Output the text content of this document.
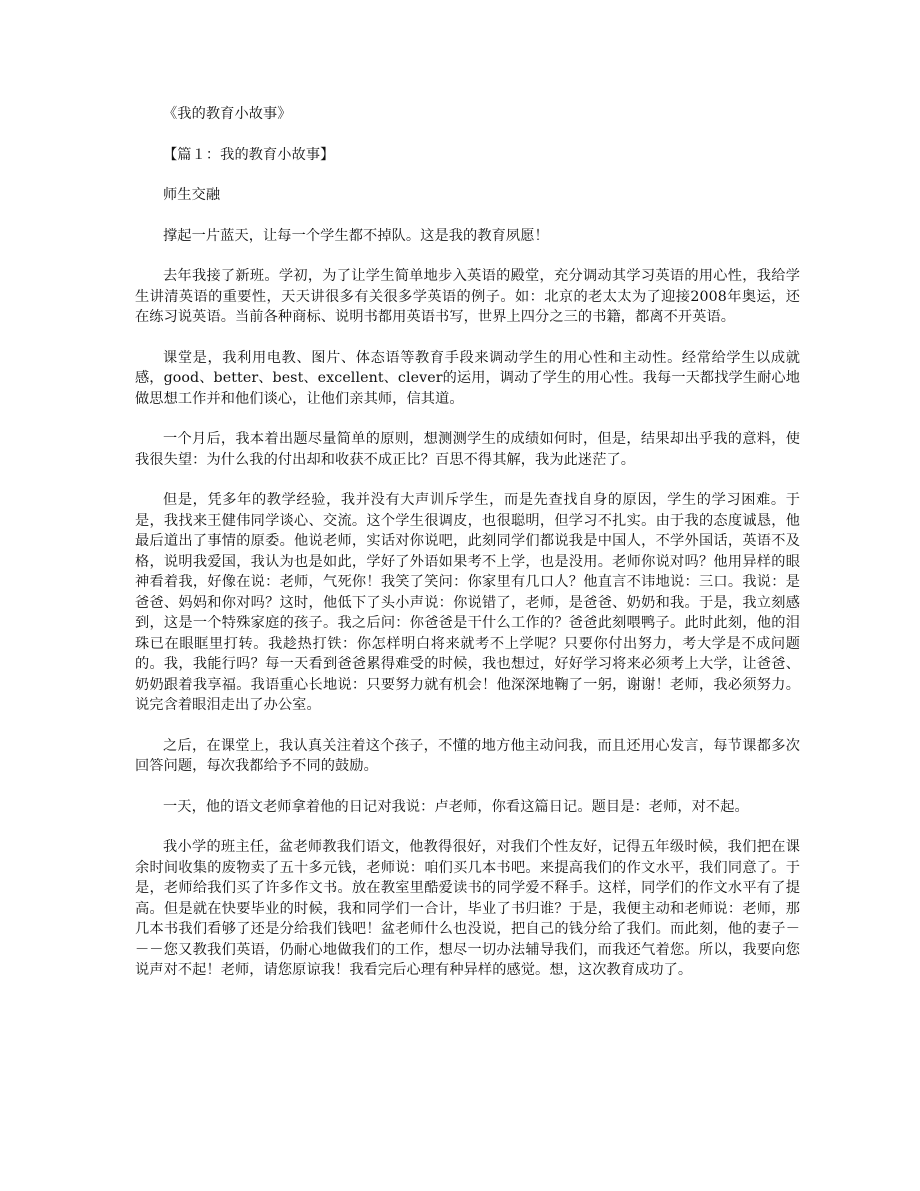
《我的教育小故事》

【篇１：我的教育小故事】

师生交融

撑起一片蓝天，让每一个学生都不掉队。这是我的教育夙愿！

去年我接了新班。学初，为了让学生简单地步入英语的殿堂，充分调动其学习英语的用心性，我给学生讲清英语的重要性，天天讲很多有关很多学英语的例子。如：北京的老太太为了迎接2008年奥运，还在练习说英语。当前各种商标、说明书都用英语书写，世界上四分之三的书籍，都离不开英语。

课堂是，我利用电教、图片、体态语等教育手段来调动学生的用心性和主动性。经常给学生以成就感，good、better、best、excellent、clever的运用，调动了学生的用心性。我每一天都找学生耐心地做思想工作并和他们谈心，让他们亲其师，信其道。

一个月后，我本着出题尽量简单的原则，想测测学生的成绩如何时，但是，结果却出乎我的意料，使我很失望：为什么我的付出却和收获不成正比？百思不得其解，我为此迷茫了。

但是，凭多年的教学经验，我并没有大声训斥学生，而是先查找自身的原因，学生的学习困难。于是，我找来王健伟同学谈心、交流。这个学生很调皮，也很聪明，但学习不扎实。由于我的态度诚恳，他最后道出了事情的原委。他说老师，实话对你说吧，此刻同学们都说我是中国人，不学外国话，英语不及格，说明我爱国，我认为也是如此，学好了外语如果考不上学，也是没用。老师你说对吗？他用异样的眼神看着我，好像在说：老师，气死你！我笑了笑问：你家里有几口人？他直言不讳地说：三口。我说：是爸爸、妈妈和你对吗？这时，他低下了头小声说：你说错了，老师，是爸爸、奶奶和我。于是，我立刻感到，这是一个特殊家庭的孩子。我之后问：你爸爸是干什么工作的？爸爸此刻喂鸭子。此时此刻，他的泪珠已在眼眶里打转。我趁热打铁：你怎样明白将来就考不上学呢？只要你付出努力，考大学是不成问题的。我，我能行吗？每一天看到爸爸累得难受的时候，我也想过，好好学习将来必须考上大学，让爸爸、奶奶跟着我享福。我语重心长地说：只要努力就有机会！他深深地鞠了一躬，谢谢！老师，我必须努力。说完含着眼泪走出了办公室。

之后，在课堂上，我认真关注着这个孩子，不懂的地方他主动问我，而且还用心发言，每节课都多次回答问题，每次我都给予不同的鼓励。

一天，他的语文老师拿着他的日记对我说：卢老师，你看这篇日记。题目是：老师，对不起。

我小学的班主任，盆老师教我们语文，他教得很好，对我们个性友好，记得五年级时候，我们把在课余时间收集的废物卖了五十多元钱，老师说：咱们买几本书吧。来提高我们的作文水平，我们同意了。于是，老师给我们买了许多作文书。放在教室里酷爱读书的同学爱不释手。这样，同学们的作文水平有了提高。但是就在快要毕业的时候，我和同学们一合计，毕业了书归谁？于是，我便主动和老师说：老师，那几本书我们看够了还是分给我们钱吧！盆老师什么也没说，把自己的钱分给了我们。而此刻，他的妻子－－－您又教我们英语，仍耐心地做我们的工作，想尽一切办法辅导我们，而我还气着您。所以，我要向您说声对不起！老师，请您原谅我！我看完后心理有种异样的感觉。想，这次教育成功了。
